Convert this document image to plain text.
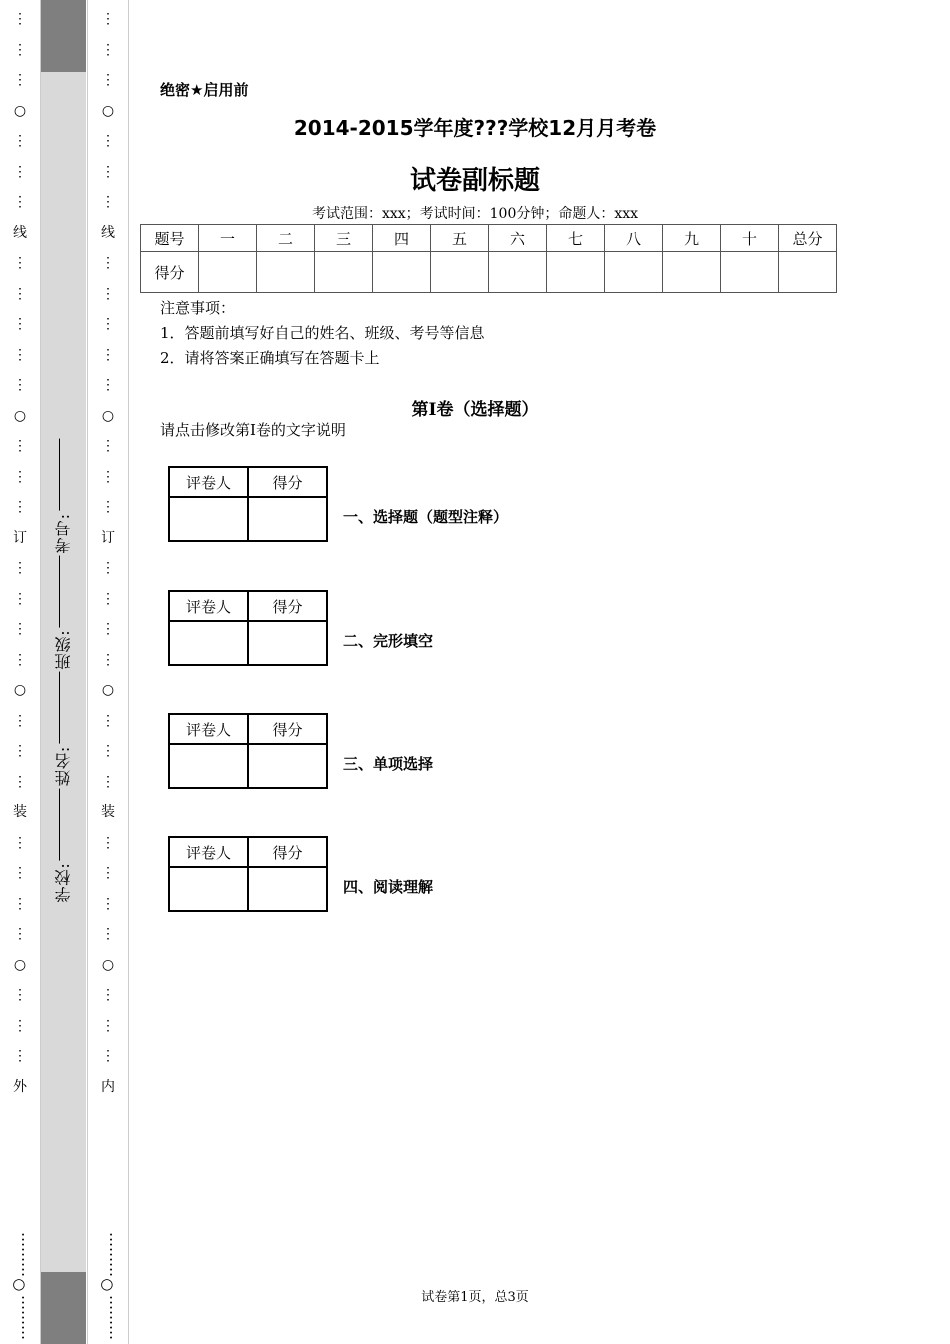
⋮
⋮
⋮
○
⋮
⋮
⋮
线
⋮
⋮
⋮
⋮
⋮
○
⋮
⋮
⋮
订
⋮
⋮
⋮
⋮
○
⋮
⋮
⋮
装
⋮
⋮
⋮
⋮
○
⋮
⋮
⋮
外
………○………
学校:姓名:班级:考号:
⋮
⋮
⋮
○
⋮
⋮
⋮
线
⋮
⋮
⋮
⋮
⋮
○
⋮
⋮
⋮
订
⋮
⋮
⋮
⋮
○
⋮
⋮
⋮
装
⋮
⋮
⋮
⋮
○
⋮
⋮
⋮
内
………○………
绝密★启用前
2014-2015学年度???学校12月月考卷
试卷副标题
考试范围：xxx；考试时间：100分钟；命题人：xxx
题号	一	二	三	四	五	六	七	八	九	十	总分
得分											
注意事项：
1．答题前填写好自己的姓名、班级、考号等信息
2．请将答案正确填写在答题卡上
第I卷（选择题）
请点击修改第I卷的文字说明
评卷人	得分

一、选择题（题型注释）
评卷人	得分

二、完形填空
评卷人	得分

三、单项选择
评卷人	得分

四、阅读理解
试卷第1页，总3页
